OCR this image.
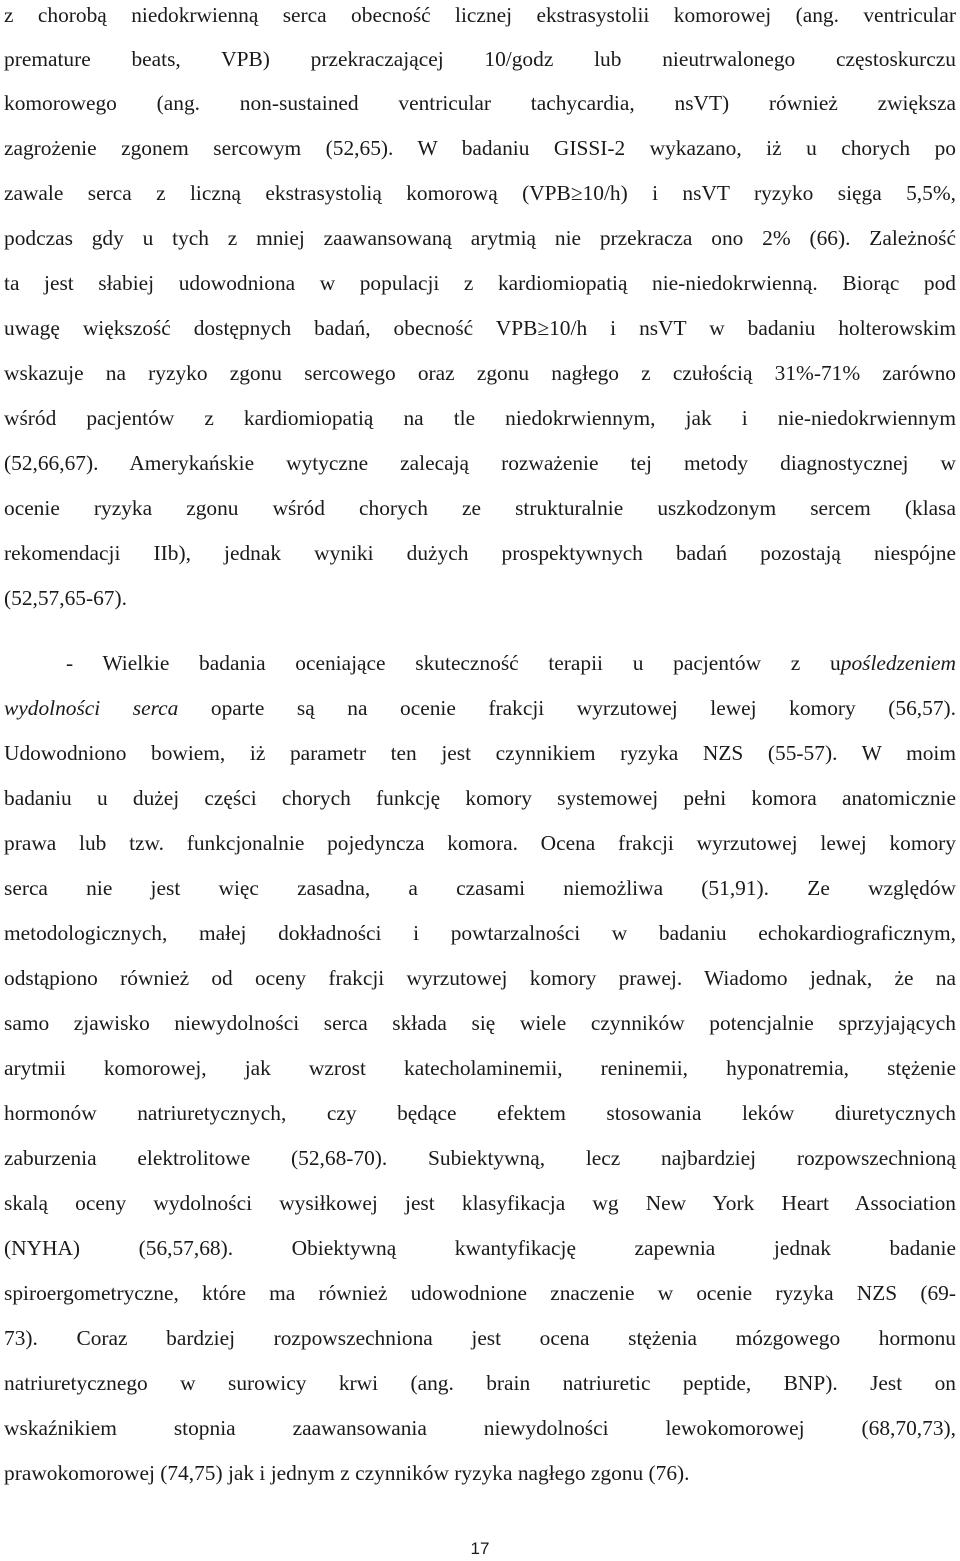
z chorobą niedokrwienną serca obecność licznej ekstrasystolii komorowej (ang. ventricular
premature beats, VPB) przekraczającej 10/godz lub nieutrwalonego częstoskurczu
komorowego (ang. non-sustained ventricular tachycardia, nsVT) również zwiększa
zagrożenie zgonem sercowym (52,65). W badaniu GISSI-2 wykazano, iż u chorych po
zawale serca z liczną ekstrasystolią komorową (VPB≥10/h) i nsVT ryzyko sięga 5,5%,
podczas gdy u tych z mniej zaawansowaną arytmią nie przekracza ono 2% (66). Zależność
ta jest słabiej udowodniona w populacji z kardiomiopatią nie-niedokrwienną. Biorąc pod
uwagę większość dostępnych badań, obecność VPB≥10/h i nsVT w badaniu holterowskim
wskazuje na ryzyko zgonu sercowego oraz zgonu nagłego z czułością 31%-71% zarówno
wśród pacjentów z kardiomiopatią na tle niedokrwiennym, jak i nie-niedokrwiennym
(52,66,67). Amerykańskie wytyczne zalecają rozważenie tej metody diagnostycznej w
ocenie ryzyka zgonu wśród chorych ze strukturalnie uszkodzonym sercem (klasa
rekomendacji IIb), jednak wyniki dużych prospektywnych badań pozostają niespójne
(52,57,65-67).
- Wielkie badania oceniające skuteczność terapii u pacjentów z upośledzeniem
wydolności serca oparte są na ocenie frakcji wyrzutowej lewej komory (56,57).
Udowodniono bowiem, iż parametr ten jest czynnikiem ryzyka NZS (55-57). W moim
badaniu u dużej części chorych funkcję komory systemowej pełni komora anatomicznie
prawa lub tzw. funkcjonalnie pojedyncza komora. Ocena frakcji wyrzutowej lewej komory
serca nie jest więc zasadna, a czasami niemożliwa (51,91). Ze względów
metodologicznych, małej dokładności i powtarzalności w badaniu echokardiograficznym,
odstąpiono również od oceny frakcji wyrzutowej komory prawej. Wiadomo jednak, że na
samo zjawisko niewydolności serca składa się wiele czynników potencjalnie sprzyjających
arytmii komorowej, jak wzrost katecholaminemii, reninemii, hyponatremia, stężenie
hormonów natriuretycznych, czy będące efektem stosowania leków diuretycznych
zaburzenia elektrolitowe (52,68-70). Subiektywną, lecz najbardziej rozpowszechnioną
skalą oceny wydolności wysiłkowej jest klasyfikacja wg New York Heart Association
(NYHA) (56,57,68). Obiektywną kwantyfikację zapewnia jednak badanie
spiroergometryczne, które ma również udowodnione znaczenie w ocenie ryzyka NZS (69-
73). Coraz bardziej rozpowszechniona jest ocena stężenia mózgowego hormonu
natriuretycznego w surowicy krwi (ang. brain natriuretic peptide, BNP). Jest on
wskaźnikiem stopnia zaawansowania niewydolności lewokomorowej (68,70,73),
prawokomorowej (74,75) jak i jednym z czynników ryzyka nagłego zgonu (76).
17
